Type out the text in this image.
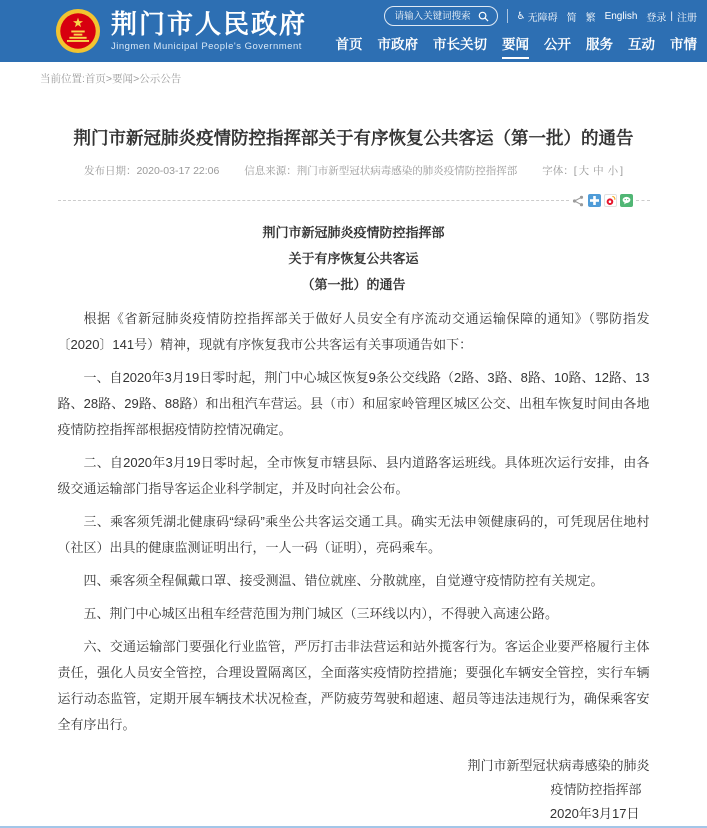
荆门市人民政府
Jingmen Municipal People's Government
请输入关键词搜索
♿ 无障碍 简 繁 English 登录 | 注册
首页 市政府 市长关切 要闻 公开 服务 互动 市情
当前位置:首页>要闻>公示公告
荆门市新冠肺炎疫情防控指挥部关于有序恢复公共客运（第一批）的通告
发布日期：2020-03-17 22:06 信息来源：荆门市新型冠状病毒感染的肺炎疫情防控指挥部 字体：[ 大 中 小 ]
荆门市新冠肺炎疫情防控指挥部
关于有序恢复公共客运
（第一批）的通告

根据《省新冠肺炎疫情防控指挥部关于做好人员安全有序流动交通运输保障的通知》（鄂防指发〔2020〕141号）精神，现就有序恢复我市公共客运有关事项通告如下：

一、自2020年3月19日零时起，荆门中心城区恢复9条公交线路（2路、3路、8路、10路、12路、13路、28路、29路、88路）和出租汽车营运。县（市）和屈家岭管理区城区公交、出租车恢复时间由各地疫情防控指挥部根据疫情防控情况确定。

二、自2020年3月19日零时起，全市恢复市辖县际、县内道路客运班线。具体班次运行安排，由各级交通运输部门指导客运企业科学制定，并及时向社会公布。

三、乘客须凭湖北健康码“绿码”乘坐公共客运交通工具。确实无法申领健康码的，可凭现居住地村（社区）出具的健康监测证明出行，一人一码（证明），亮码乘车。

四、乘客须全程佩戴口罩、接受测温、错位就座、分散就座，自觉遵守疫情防控有关规定。

五、荆门中心城区出租车经营范围为荆门城区（三环线以内），不得驶入高速公路。

六、交通运输部门要强化行业监管，严厉打击非法营运和站外揽客行为。客运企业要严格履行主体责任，强化人员安全管控，合理设置隔离区，全面落实疫情防控措施；要强化车辆安全管控，实行车辆运行动态监管，定期开展车辆技术状况检查，严防疲劳驾驶和超速、超员等违法违规行为，确保乘客安全有序出行。

荆门市新型冠状病毒感染的肺炎
疫情防控指挥部
2020年3月17日
